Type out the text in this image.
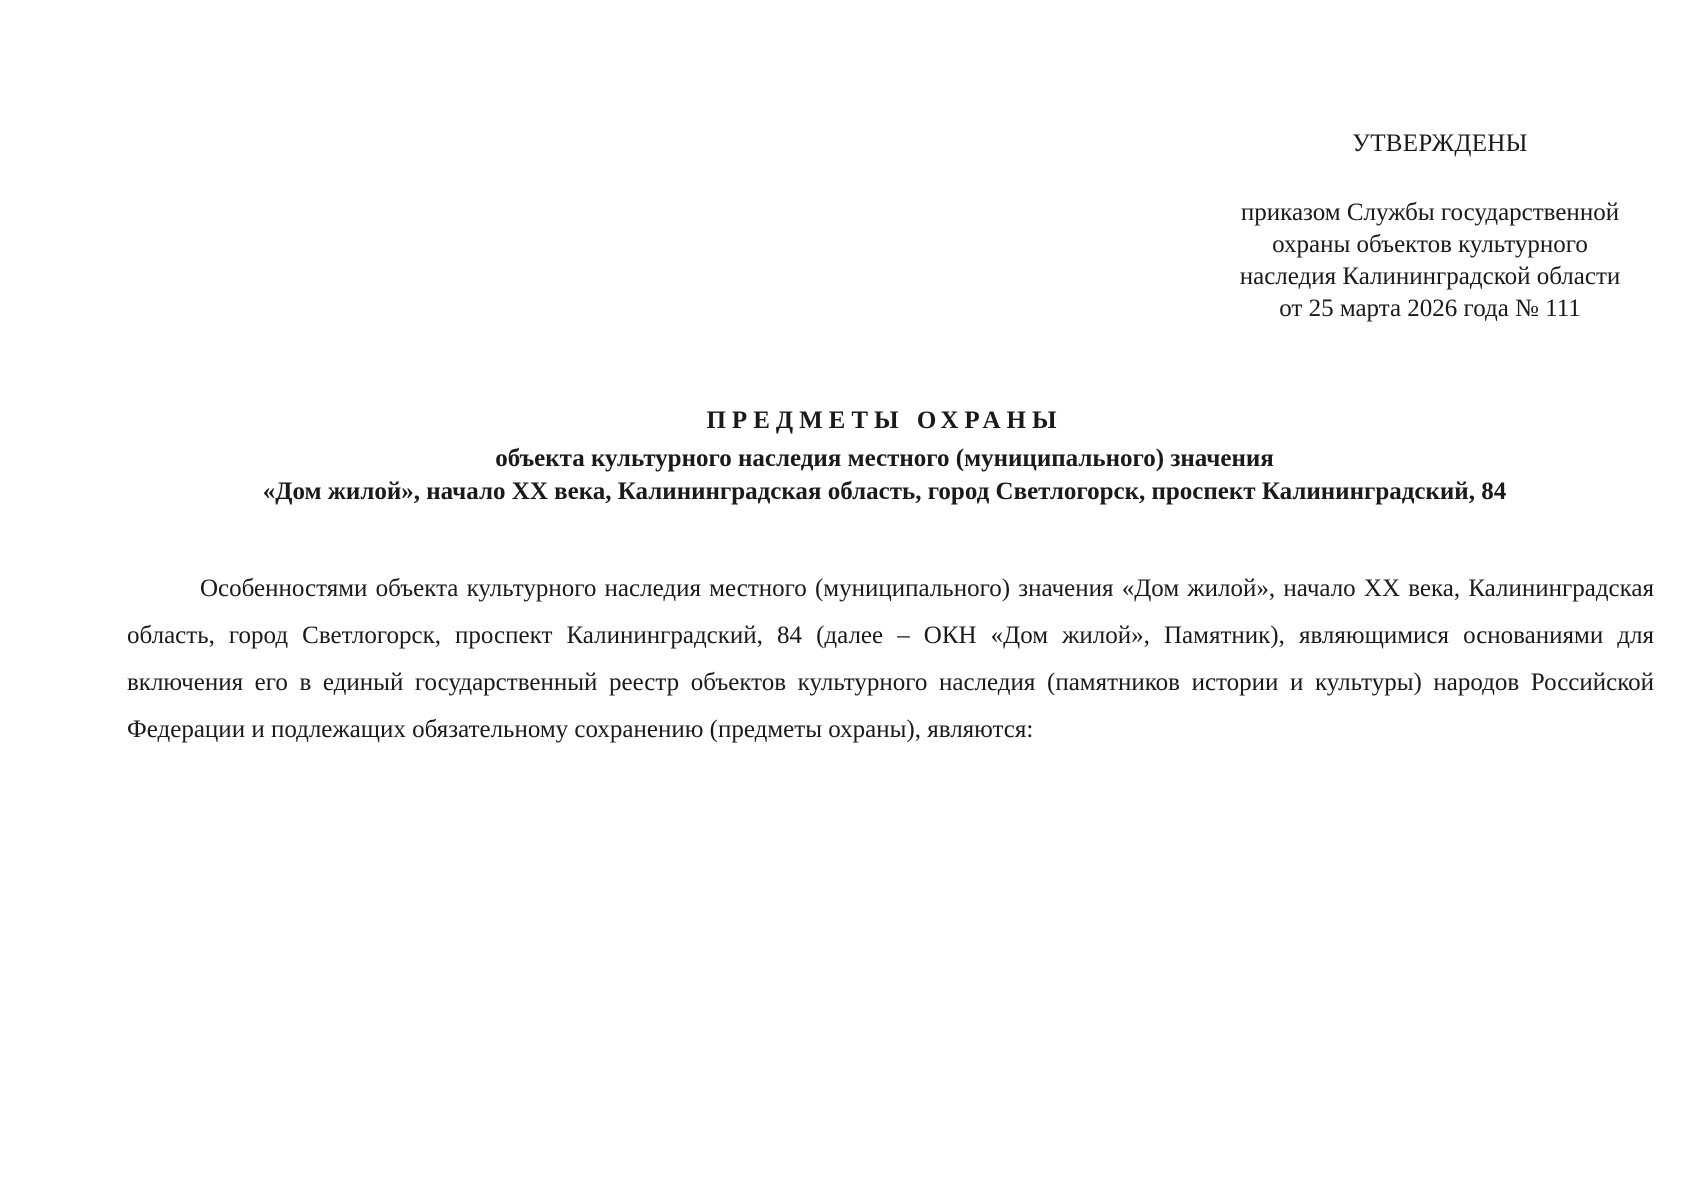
УТВЕРЖДЕНЫ
приказом Службы государственной
охраны объектов культурного
наследия Калининградской области
от 25 марта 2026 года № 111
ПРЕДМЕТЫ ОХРАНЫ
объекта культурного наследия местного (муниципального) значения
«Дом жилой», начало XX века, Калининградская область, город Светлогорск, проспект Калининградский, 84

Особенностями объекта культурного наследия местного (муниципального) значения «Дом жилой», начало XX века, Калининградская область, город Светлогорск, проспект Калининградский, 84 (далее – ОКН «Дом жилой», Памятник), являющимися основаниями для включения его в единый государственный реестр объектов культурного наследия (памятников истории и культуры) народов Российской Федерации и подлежащих обязательному сохранению (предметы охраны), являются:
